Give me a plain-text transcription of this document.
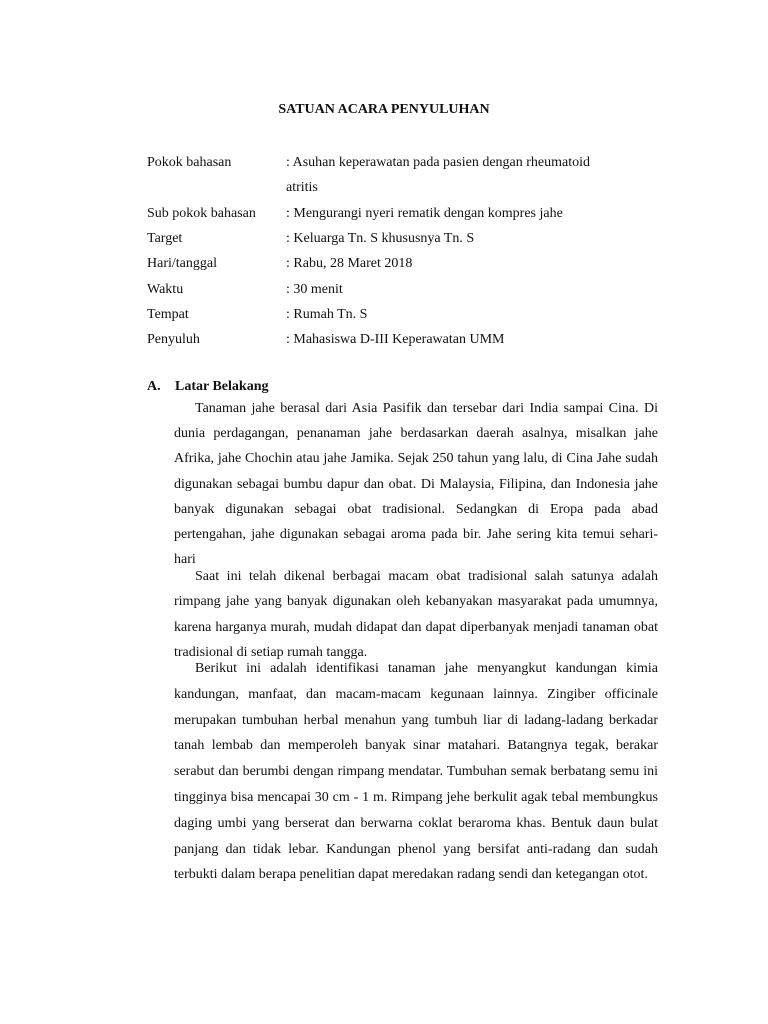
SATUAN ACARA PENYULUHAN
Pokok bahasan	: Asuhan keperawatan pada pasien dengan rheumatoid
atritis
Sub pokok bahasan : Mengurangi nyeri rematik dengan kompres jahe
Target	: Keluarga Tn. S khususnya Tn. S
Hari/tanggal	: Rabu, 28 Maret 2018
Waktu	: 30 menit
Tempat	: Rumah Tn. S
Penyuluh	: Mahasiswa D-III Keperawatan UMM
A. Latar Belakang

Tanaman jahe berasal dari Asia Pasifik dan tersebar dari India sampai Cina. Di dunia perdagangan, penanaman jahe berdasarkan daerah asalnya, misalkan jahe Afrika, jahe Chochin atau jahe Jamika. Sejak 250 tahun yang lalu, di Cina Jahe sudah digunakan sebagai bumbu dapur dan obat. Di Malaysia, Filipina, dan Indonesia jahe banyak digunakan sebagai obat tradisional. Sedangkan di Eropa pada abad pertengahan, jahe digunakan sebagai aroma pada bir. Jahe sering kita temui sehari-hari

Saat ini telah dikenal berbagai macam obat tradisional salah satunya adalah rimpang jahe yang banyak digunakan oleh kebanyakan masyarakat pada umumnya, karena harganya murah, mudah didapat dan dapat diperbanyak menjadi tanaman obat tradisional di setiap rumah tangga.

Berikut ini adalah identifikasi tanaman jahe menyangkut kandungan kimia kandungan, manfaat, dan macam-macam kegunaan lainnya. Zingiber officinale merupakan tumbuhan herbal menahun yang tumbuh liar di ladang-ladang berkadar tanah lembab dan memperoleh banyak sinar matahari. Batangnya tegak, berakar serabut dan berumbi dengan rimpang mendatar. Tumbuhan semak berbatang semu ini tingginya bisa mencapai 30 cm - 1 m. Rimpang jehe berkulit agak tebal membungkus daging umbi yang berserat dan berwarna coklat beraroma khas. Bentuk daun bulat panjang dan tidak lebar. Kandungan phenol yang bersifat anti-radang dan sudah terbukti dalam berapa penelitian dapat meredakan radang sendi dan ketegangan otot.
